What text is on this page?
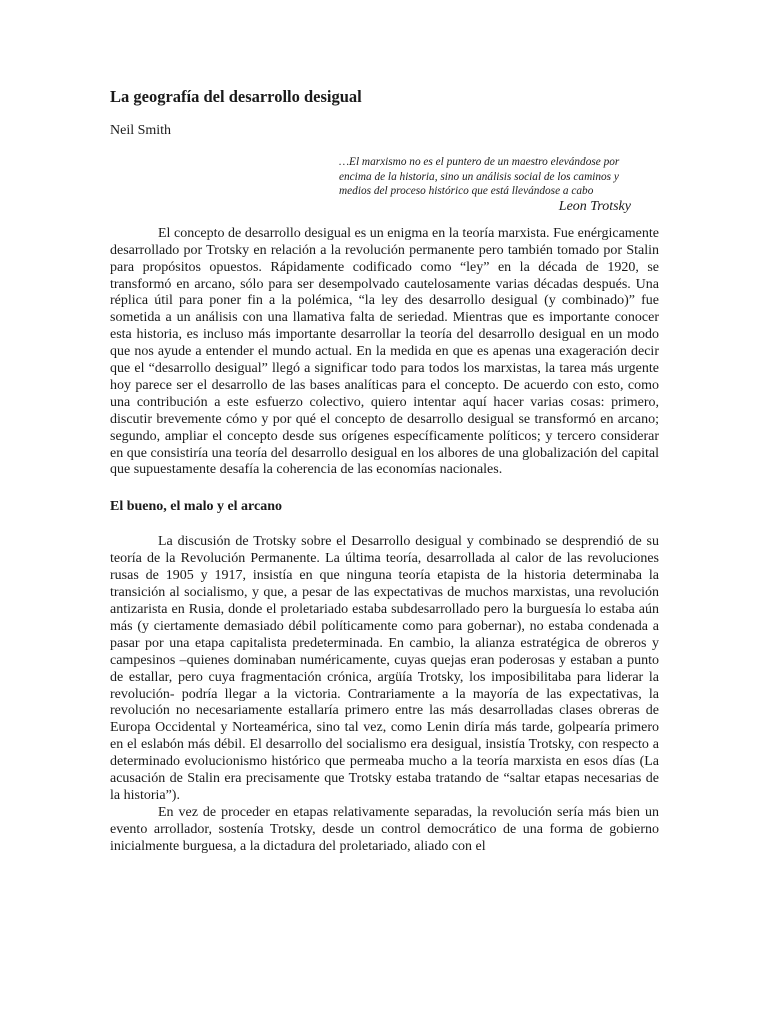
La geografía del desarrollo desigual
Neil Smith
…El marxismo no es el puntero de un maestro elevándose por encima de la historia, sino un análisis social de los caminos y medios del proceso histórico que está llevándose a cabo
Leon Trotsky

El concepto de desarrollo desigual es un enigma en la teoría marxista. Fue enérgicamente desarrollado por Trotsky en relación a la revolución permanente pero también tomado por Stalin para propósitos opuestos. Rápidamente codificado como “ley” en la década de 1920, se transformó en arcano, sólo para ser desempolvado cautelosamente varias décadas después. Una réplica útil para poner fin a la polémica, “la ley des desarrollo desigual (y combinado)” fue sometida a un análisis con una llamativa falta de seriedad. Mientras que es importante conocer esta historia, es incluso más importante desarrollar la teoría del desarrollo desigual en un modo que nos ayude a entender el mundo actual. En la medida en que es apenas una exageración decir que el “desarrollo desigual” llegó a significar todo para todos los marxistas, la tarea más urgente hoy parece ser el desarrollo de las bases analíticas para el concepto. De acuerdo con esto, como una contribución a este esfuerzo colectivo, quiero intentar aquí hacer varias cosas: primero, discutir brevemente cómo y por qué el concepto de desarrollo desigual se transformó en arcano; segundo, ampliar el concepto desde sus orígenes específicamente políticos; y tercero considerar en que consistiría una teoría del desarrollo desigual en los albores de una globalización del capital que supuestamente desafía la coherencia de las economías nacionales.

El bueno, el malo y el arcano

La discusión de Trotsky sobre el Desarrollo desigual y combinado se desprendió de su teoría de la Revolución Permanente. La última teoría, desarrollada al calor de las revoluciones rusas de 1905 y 1917, insistía en que ninguna teoría etapista de la historia determinaba la transición al socialismo, y que, a pesar de las expectativas de muchos marxistas, una revolución antizarista en Rusia, donde el proletariado estaba subdesarrollado pero la burguesía lo estaba aún más (y ciertamente demasiado débil políticamente como para gobernar), no estaba condenada a pasar por una etapa capitalista predeterminada. En cambio, la alianza estratégica de obreros y campesinos –quienes dominaban numéricamente, cuyas quejas eran poderosas y estaban a punto de estallar, pero cuya fragmentación crónica, argüía Trotsky, los imposibilitaba para liderar la revolución- podría llegar a la victoria. Contrariamente a la mayoría de las expectativas, la revolución no necesariamente estallaría primero entre las más desarrolladas clases obreras de Europa Occidental y Norteamérica, sino tal vez, como Lenin diría más tarde, golpearía primero en el eslabón más débil. El desarrollo del socialismo era desigual, insistía Trotsky, con respecto a determinado evolucionismo histórico que permeaba mucho a la teoría marxista en esos días (La acusación de Stalin era precisamente que Trotsky estaba tratando de “saltar etapas necesarias de la historia”).

En vez de proceder en etapas relativamente separadas, la revolución sería más bien un evento arrollador, sostenía Trotsky, desde un control democrático de una forma de gobierno inicialmente burguesa, a la dictadura del proletariado, aliado con el
